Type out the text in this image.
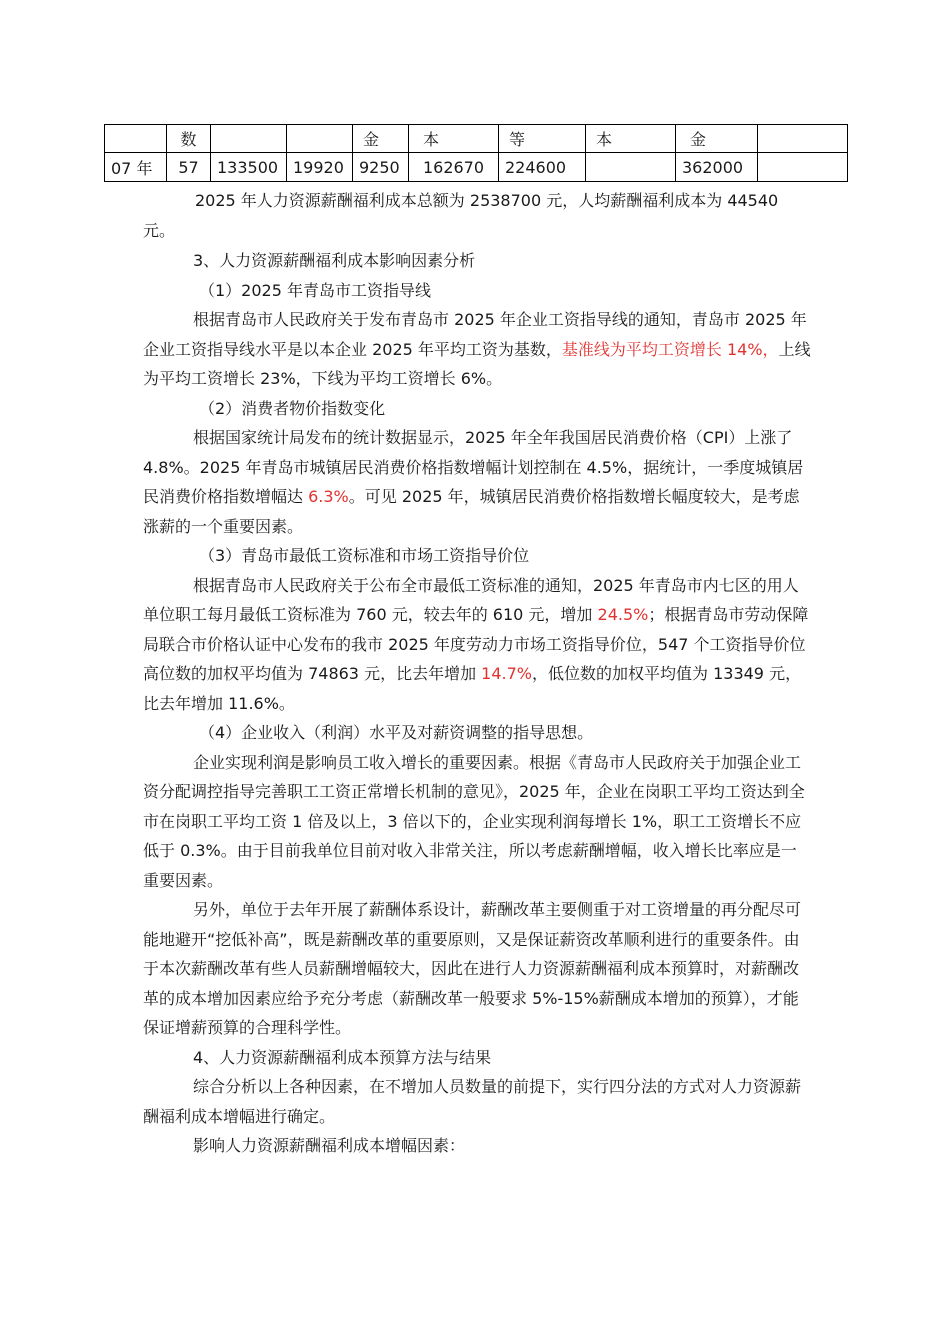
	数			金	本	等	本	金	
07 年	57	133500	19920	9250	162670	224600		362000	

2025 年人力资源薪酬福利成本总额为 2538700 元，人均薪酬福利成本为 44540 元。

3、人力资源薪酬福利成本影响因素分析

（1）2025 年青岛市工资指导线

根据青岛市人民政府关于发布青岛市 2025 年企业工资指导线的通知，青岛市 2025 年企业工资指导线水平是以本企业 2025 年平均工资为基数，基准线为平均工资增长 14%，上线为平均工资增长 23%，下线为平均工资增长 6%。

（2）消费者物价指数变化

根据国家统计局发布的统计数据显示，2025 年全年我国居民消费价格（CPI）上涨了 4.8%。2025 年青岛市城镇居民消费价格指数增幅计划控制在 4.5%，据统计，一季度城镇居民消费价格指数增幅达 6.3%。可见 2025 年，城镇居民消费价格指数增长幅度较大，是考虑涨薪的一个重要因素。

（3）青岛市最低工资标准和市场工资指导价位

根据青岛市人民政府关于公布全市最低工资标准的通知，2025 年青岛市内七区的用人单位职工每月最低工资标准为 760 元，较去年的 610 元，增加 24.5%；根据青岛市劳动保障局联合市价格认证中心发布的我市 2025 年度劳动力市场工资指导价位，547 个工资指导价位高位数的加权平均值为 74863 元，比去年增加 14.7%，低位数的加权平均值为 13349 元，比去年增加 11.6%。

（4）企业收入（利润）水平及对薪资调整的指导思想。

企业实现利润是影响员工收入增长的重要因素。根据《青岛市人民政府关于加强企业工资分配调控指导完善职工工资正常增长机制的意见》，2025 年，企业在岗职工平均工资达到全市在岗职工平均工资 1 倍及以上，3 倍以下的，企业实现利润每增长 1%，职工工资增长不应低于 0.3%。由于目前我单位目前对收入非常关注，所以考虑薪酬增幅，收入增长比率应是一重要因素。

另外，单位于去年开展了薪酬体系设计，薪酬改革主要侧重于对工资增量的再分配尽可能地避开“挖低补高”，既是薪酬改革的重要原则，又是保证薪资改革顺利进行的重要条件。由于本次薪酬改革有些人员薪酬增幅较大，因此在进行人力资源薪酬福利成本预算时，对薪酬改革的成本增加因素应给予充分考虑（薪酬改革一般要求 5%-15%薪酬成本增加的预算），才能保证增薪预算的合理科学性。

4、人力资源薪酬福利成本预算方法与结果

综合分析以上各种因素，在不增加人员数量的前提下，实行四分法的方式对人力资源薪酬福利成本增幅进行确定。

影响人力资源薪酬福利成本增幅因素：
